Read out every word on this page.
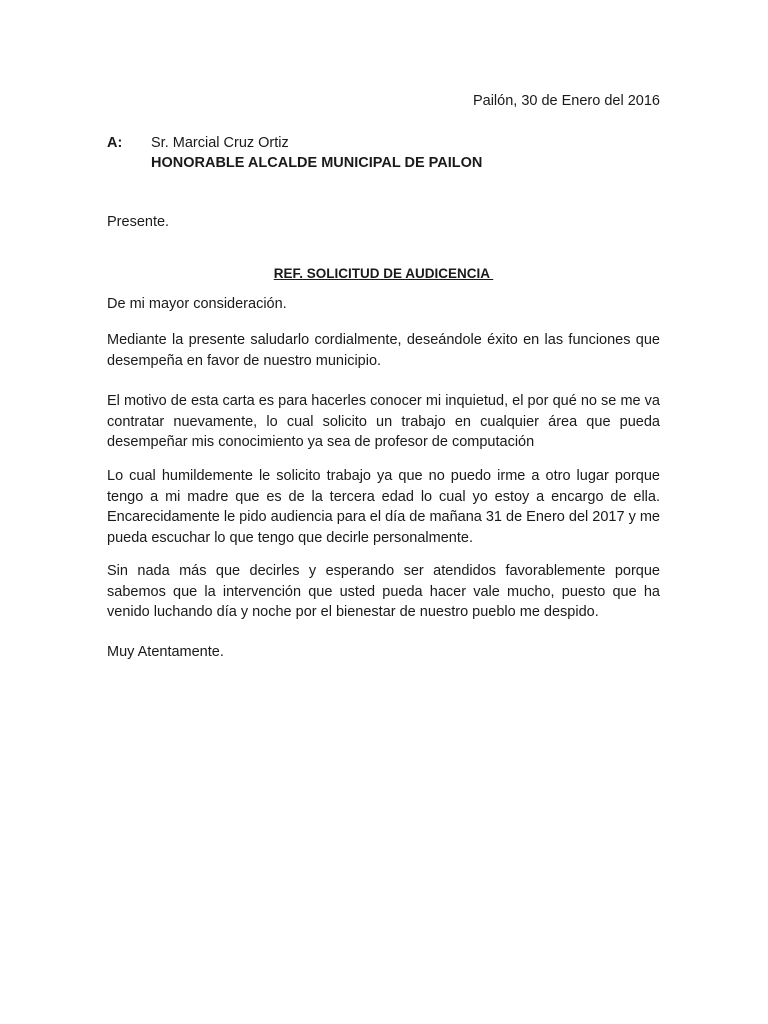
Pailón, 30 de Enero del 2016

A: Sr. Marcial Cruz Ortiz

HONORABLE ALCALDE MUNICIPAL DE PAILON

Presente.

REF. SOLICITUD DE AUDICENCIA

De mi mayor consideración.

Mediante la presente saludarlo cordialmente, deseándole éxito en las funciones que desempeña en favor de nuestro municipio.

El motivo de esta carta es para hacerles conocer mi inquietud, el por qué no se me va contratar nuevamente, lo cual solicito un trabajo en cualquier área que pueda desempeñar mis conocimiento ya sea de profesor de computación

Lo cual humildemente le solicito trabajo ya que no puedo irme a otro lugar porque tengo a mi madre que es de la tercera edad lo cual yo estoy a encargo de ella. Encarecidamente le pido audiencia para el día de mañana 31 de Enero del 2017 y me pueda escuchar lo que tengo que decirle personalmente.

Sin nada más que decirles y esperando ser atendidos favorablemente porque sabemos que la intervención que usted pueda hacer vale mucho, puesto que ha venido luchando día y noche por el bienestar de nuestro pueblo me despido.

Muy Atentamente.
